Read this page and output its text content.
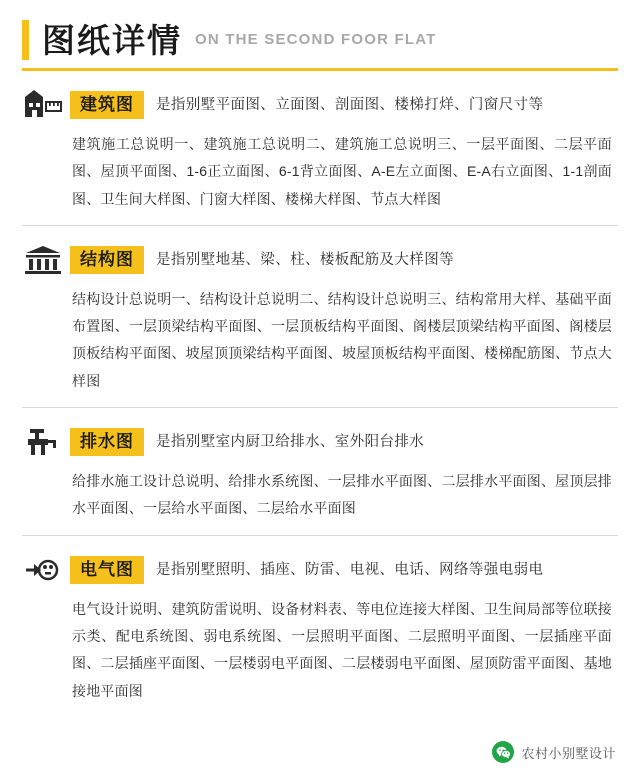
图纸详情 ON THE SECOND FOOR FLAT
建筑图	是指别墅平面图、立面图、剖面图、楼梯打烊、门窗尺寸等
建筑施工总说明一、建筑施工总说明二、建筑施工总说明三、一层平面图、二层平面图、屋顶平面图、1-6正立面图、6-1背立面图、A-E左立面图、E-A右立面图、1-1剖面图、卫生间大样图、门窗大样图、楼梯大样图、节点大样图
结构图	是指别墅地基、梁、柱、楼板配筋及大样图等
结构设计总说明一、结构设计总说明二、结构设计总说明三、结构常用大样、基础平面布置图、一层顶梁结构平面图、一层顶板结构平面图、阁楼层顶梁结构平面图、阁楼层顶板结构平面图、坡屋顶顶梁结构平面图、坡屋顶板结构平面图、楼梯配筋图、节点大样图
排水图	是指别墅室内厨卫给排水、室外阳台排水
给排水施工设计总说明、给排水系统图、一层排水平面图、二层排水平面图、屋顶层排水平面图、一层给水平面图、二层给水平面图
电气图	是指别墅照明、插座、防雷、电视、电话、网络等强电弱电
电气设计说明、建筑防雷说明、设备材料表、等电位连接大样图、卫生间局部等位联接示类、配电系统图、弱电系统图、一层照明平面图、二层照明平面图、一层插座平面图、二层插座平面图、一层楼弱电平面图、二层楼弱电平面图、屋顶防雷平面图、基地接地平面图
农村小别墅设计
